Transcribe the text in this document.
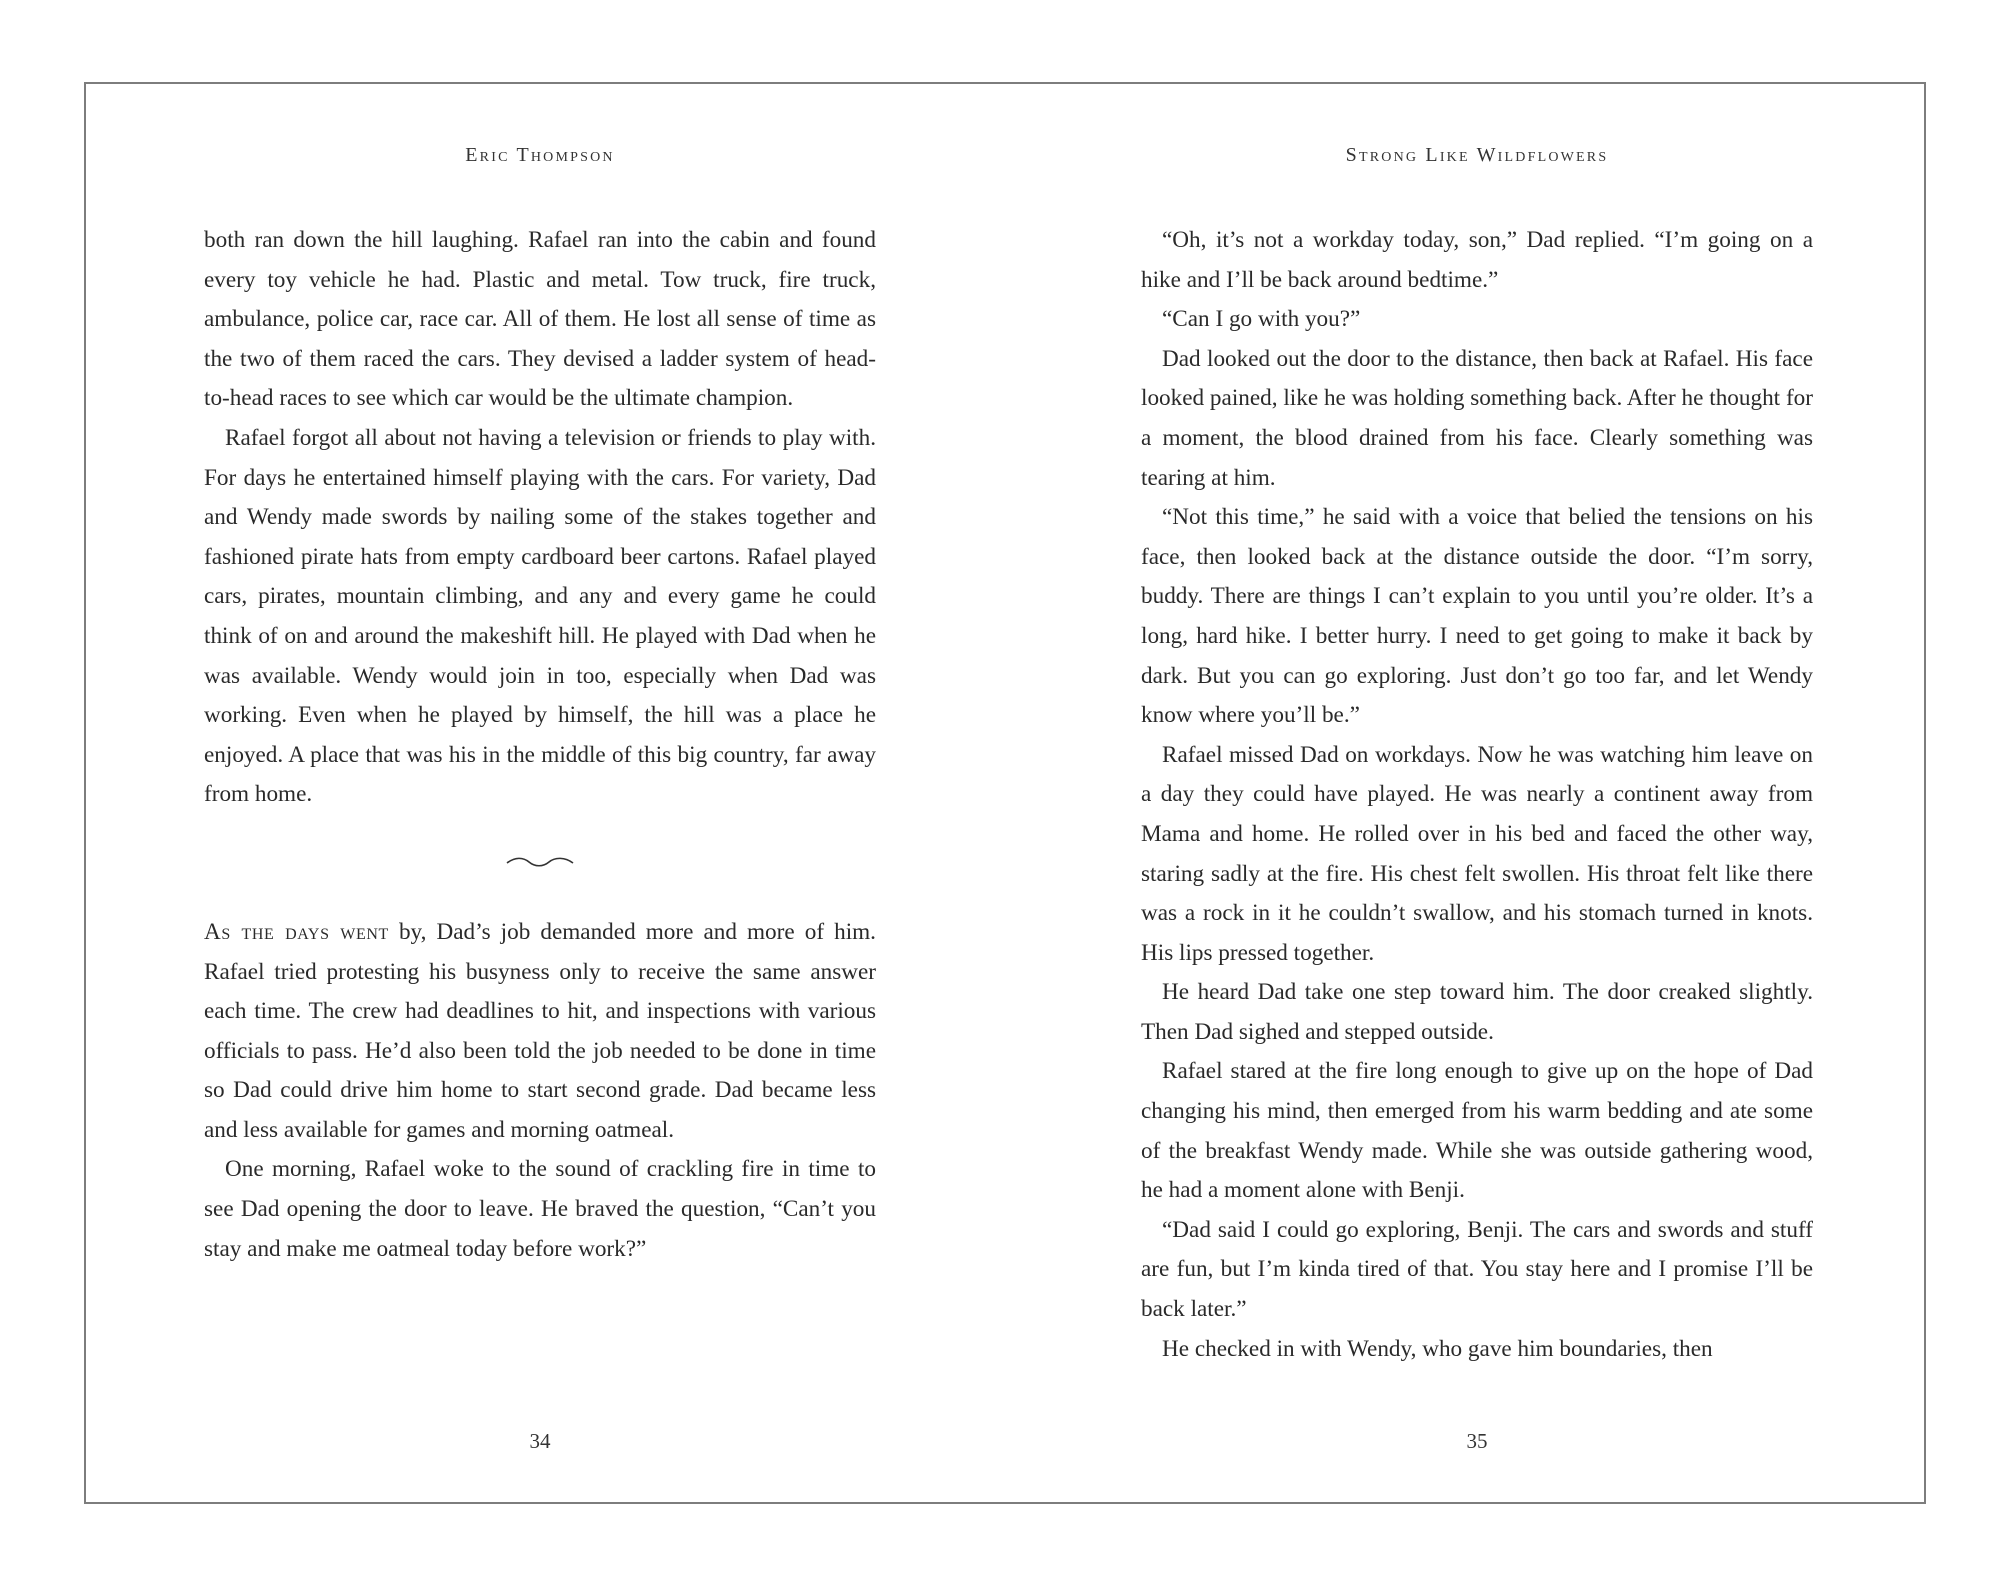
Eric Thompson

both ran down the hill laughing. Rafael ran into the cabin and found every toy vehicle he had. Plastic and metal. Tow truck, fire truck, ambulance, police car, race car. All of them. He lost all sense of time as the two of them raced the cars. They devised a ladder system of head-to-head races to see which car would be the ultimate champion.

Rafael forgot all about not having a television or friends to play with. For days he entertained himself playing with the cars. For variety, Dad and Wendy made swords by nailing some of the stakes together and fashioned pirate hats from empty cardboard beer cartons. Rafael played cars, pirates, mountain climbing, and any and every game he could think of on and around the makeshift hill. He played with Dad when he was available. Wendy would join in too, especially when Dad was working. Even when he played by himself, the hill was a place he enjoyed. A place that was his in the middle of this big country, far away from home.

As the days went by, Dad’s job demanded more and more of him. Rafael tried protesting his busyness only to receive the same answer each time. The crew had deadlines to hit, and inspections with various officials to pass. He’d also been told the job needed to be done in time so Dad could drive him home to start second grade. Dad became less and less available for games and morning oatmeal.

One morning, Rafael woke to the sound of crackling fire in time to see Dad opening the door to leave. He braved the question, “Can’t you stay and make me oatmeal today before work?”

34
Strong Like Wildflowers

“Oh, it’s not a workday today, son,” Dad replied. “I’m going on a hike and I’ll be back around bedtime.”

“Can I go with you?”

Dad looked out the door to the distance, then back at Rafael. His face looked pained, like he was holding something back. After he thought for a moment, the blood drained from his face. Clearly something was tearing at him.

“Not this time,” he said with a voice that belied the tensions on his face, then looked back at the distance outside the door. “I’m sorry, buddy. There are things I can’t explain to you until you’re older. It’s a long, hard hike. I better hurry. I need to get going to make it back by dark. But you can go exploring. Just don’t go too far, and let Wendy know where you’ll be.”

Rafael missed Dad on workdays. Now he was watching him leave on a day they could have played. He was nearly a continent away from Mama and home. He rolled over in his bed and faced the other way, staring sadly at the fire. His chest felt swollen. His throat felt like there was a rock in it he couldn’t swallow, and his stomach turned in knots. His lips pressed together.

He heard Dad take one step toward him. The door creaked slightly. Then Dad sighed and stepped outside.

Rafael stared at the fire long enough to give up on the hope of Dad changing his mind, then emerged from his warm bedding and ate some of the breakfast Wendy made. While she was outside gathering wood, he had a moment alone with Benji.

“Dad said I could go exploring, Benji. The cars and swords and stuff are fun, but I’m kinda tired of that. You stay here and I promise I’ll be back later.”

He checked in with Wendy, who gave him boundaries, then

35
